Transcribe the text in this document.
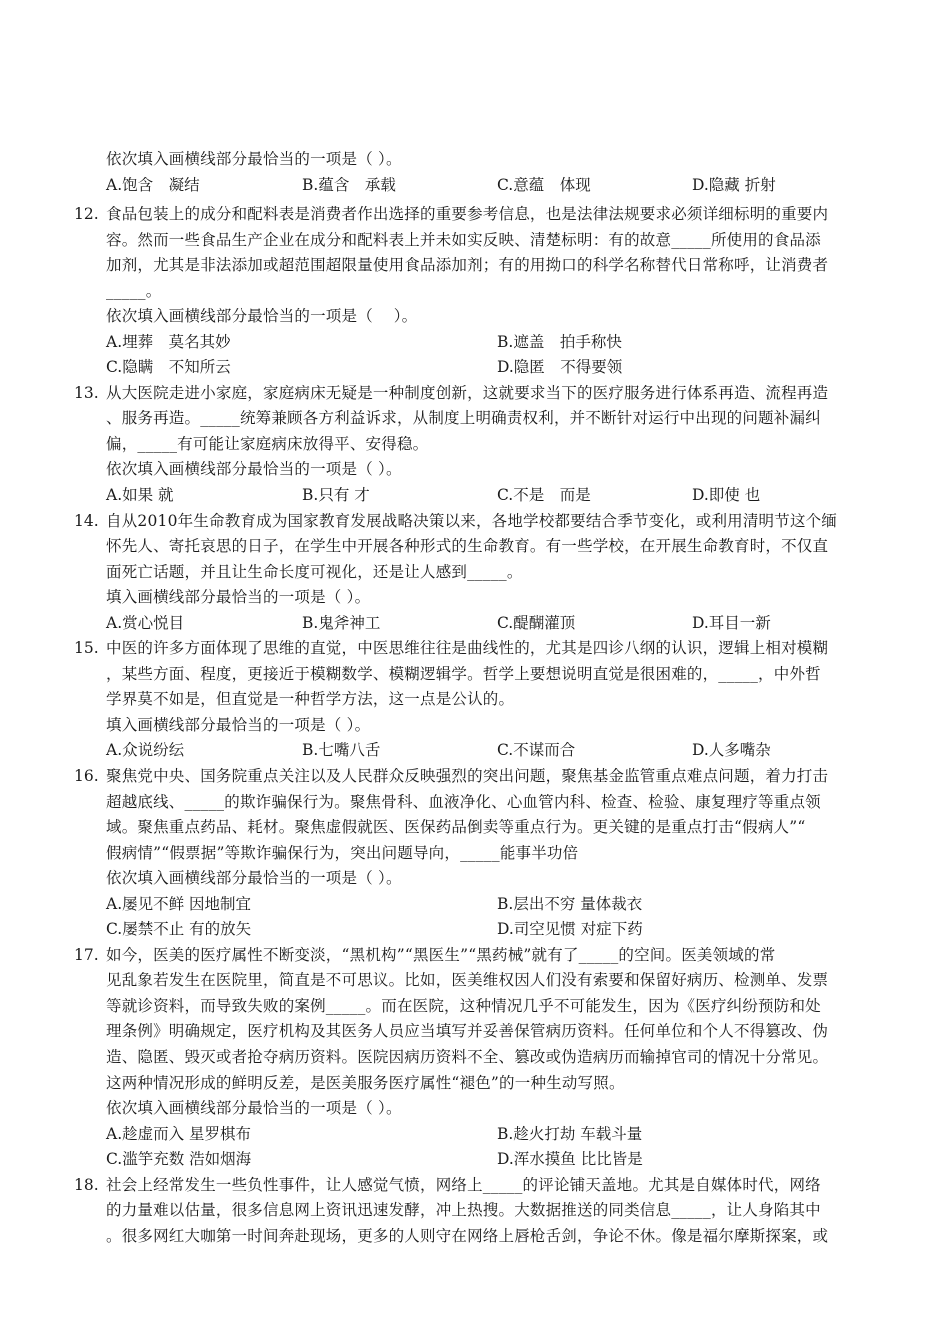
依次填入画横线部分最恰当的一项是（ ）。
A.饱含　凝结	B.蕴含　承载	C.意蕴　体现	D.隐藏 折射
12. 食品包装上的成分和配料表是消费者作出选择的重要参考信息，也是法律法规要求必须详细标明的重要内
容。然而一些食品生产企业在成分和配料表上并未如实反映、清楚标明：有的故意_____所使用的食品添
加剂，尤其是非法添加或超范围超限量使用食品添加剂；有的用拗口的科学名称替代日常称呼，让消费者
_____。
依次填入画横线部分最恰当的一项是（　 ）。
A.埋葬　莫名其妙	B.遮盖　拍手称快
C.隐瞒　不知所云	D.隐匿　不得要领
13. 从大医院走进小家庭，家庭病床无疑是一种制度创新，这就要求当下的医疗服务进行体系再造、流程再造
、服务再造。_____统筹兼顾各方利益诉求，从制度上明确责权利，并不断针对运行中出现的问题补漏纠
偏，_____有可能让家庭病床放得平、安得稳。
依次填入画横线部分最恰当的一项是（ ）。
A.如果 就	B.只有 才	C.不是　而是	D.即使 也
14. 自从2010年生命教育成为国家教育发展战略决策以来，各地学校都要结合季节变化，或利用清明节这个缅
怀先人、寄托哀思的日子，在学生中开展各种形式的生命教育。有一些学校，在开展生命教育时，不仅直
面死亡话题，并且让生命长度可视化，还是让人感到_____。
填入画横线部分最恰当的一项是（ ）。
A.赏心悦目	B.鬼斧神工	C.醍醐灌顶	D.耳目一新
15. 中医的许多方面体现了思维的直觉，中医思维往往是曲线性的，尤其是四诊八纲的认识，逻辑上相对模糊
，某些方面、程度，更接近于模糊数学、模糊逻辑学。哲学上要想说明直觉是很困难的，_____，中外哲
学界莫不如是，但直觉是一种哲学方法，这一点是公认的。
填入画横线部分最恰当的一项是（ ）。
A.众说纷纭	B.七嘴八舌	C.不谋而合	D.人多嘴杂
16. 聚焦党中央、国务院重点关注以及人民群众反映强烈的突出问题，聚焦基金监管重点难点问题，着力打击
超越底线、_____的欺诈骗保行为。聚焦骨科、血液净化、心血管内科、检查、检验、康复理疗等重点领
域。聚焦重点药品、耗材。聚焦虚假就医、医保药品倒卖等重点行为。更关键的是重点打击“假病人”“
假病情”“假票据”等欺诈骗保行为，突出问题导向，_____能事半功倍
依次填入画横线部分最恰当的一项是（ ）。
A.屡见不鲜 因地制宜	B.层出不穷 量体裁衣
C.屡禁不止 有的放矢	D.司空见惯 对症下药
17. 如今，医美的医疗属性不断变淡，“黑机构”“黑医生”“黑药械”就有了_____的空间。医美领域的常
见乱象若发生在医院里，简直是不可思议。比如，医美维权因人们没有索要和保留好病历、检测单、发票
等就诊资料，而导致失败的案例_____。而在医院，这种情况几乎不可能发生，因为《医疗纠纷预防和处
理条例》明确规定，医疗机构及其医务人员应当填写并妥善保管病历资料。任何单位和个人不得篡改、伪
造、隐匿、毁灭或者抢夺病历资料。医院因病历资料不全、篡改或伪造病历而输掉官司的情况十分常见。
这两种情况形成的鲜明反差，是医美服务医疗属性“褪色”的一种生动写照。
依次填入画横线部分最恰当的一项是（ ）。
A.趁虚而入 星罗棋布	B.趁火打劫 车载斗量
C.滥竽充数 浩如烟海	D.浑水摸鱼 比比皆是
18. 社会上经常发生一些负性事件，让人感觉气愤，网络上_____的评论铺天盖地。尤其是自媒体时代，网络
的力量难以估量，很多信息网上资讯迅速发酵，冲上热搜。大数据推送的同类信息_____，让人身陷其中
。很多网红大咖第一时间奔赴现场，更多的人则守在网络上唇枪舌剑，争论不休。像是福尔摩斯探案，或
